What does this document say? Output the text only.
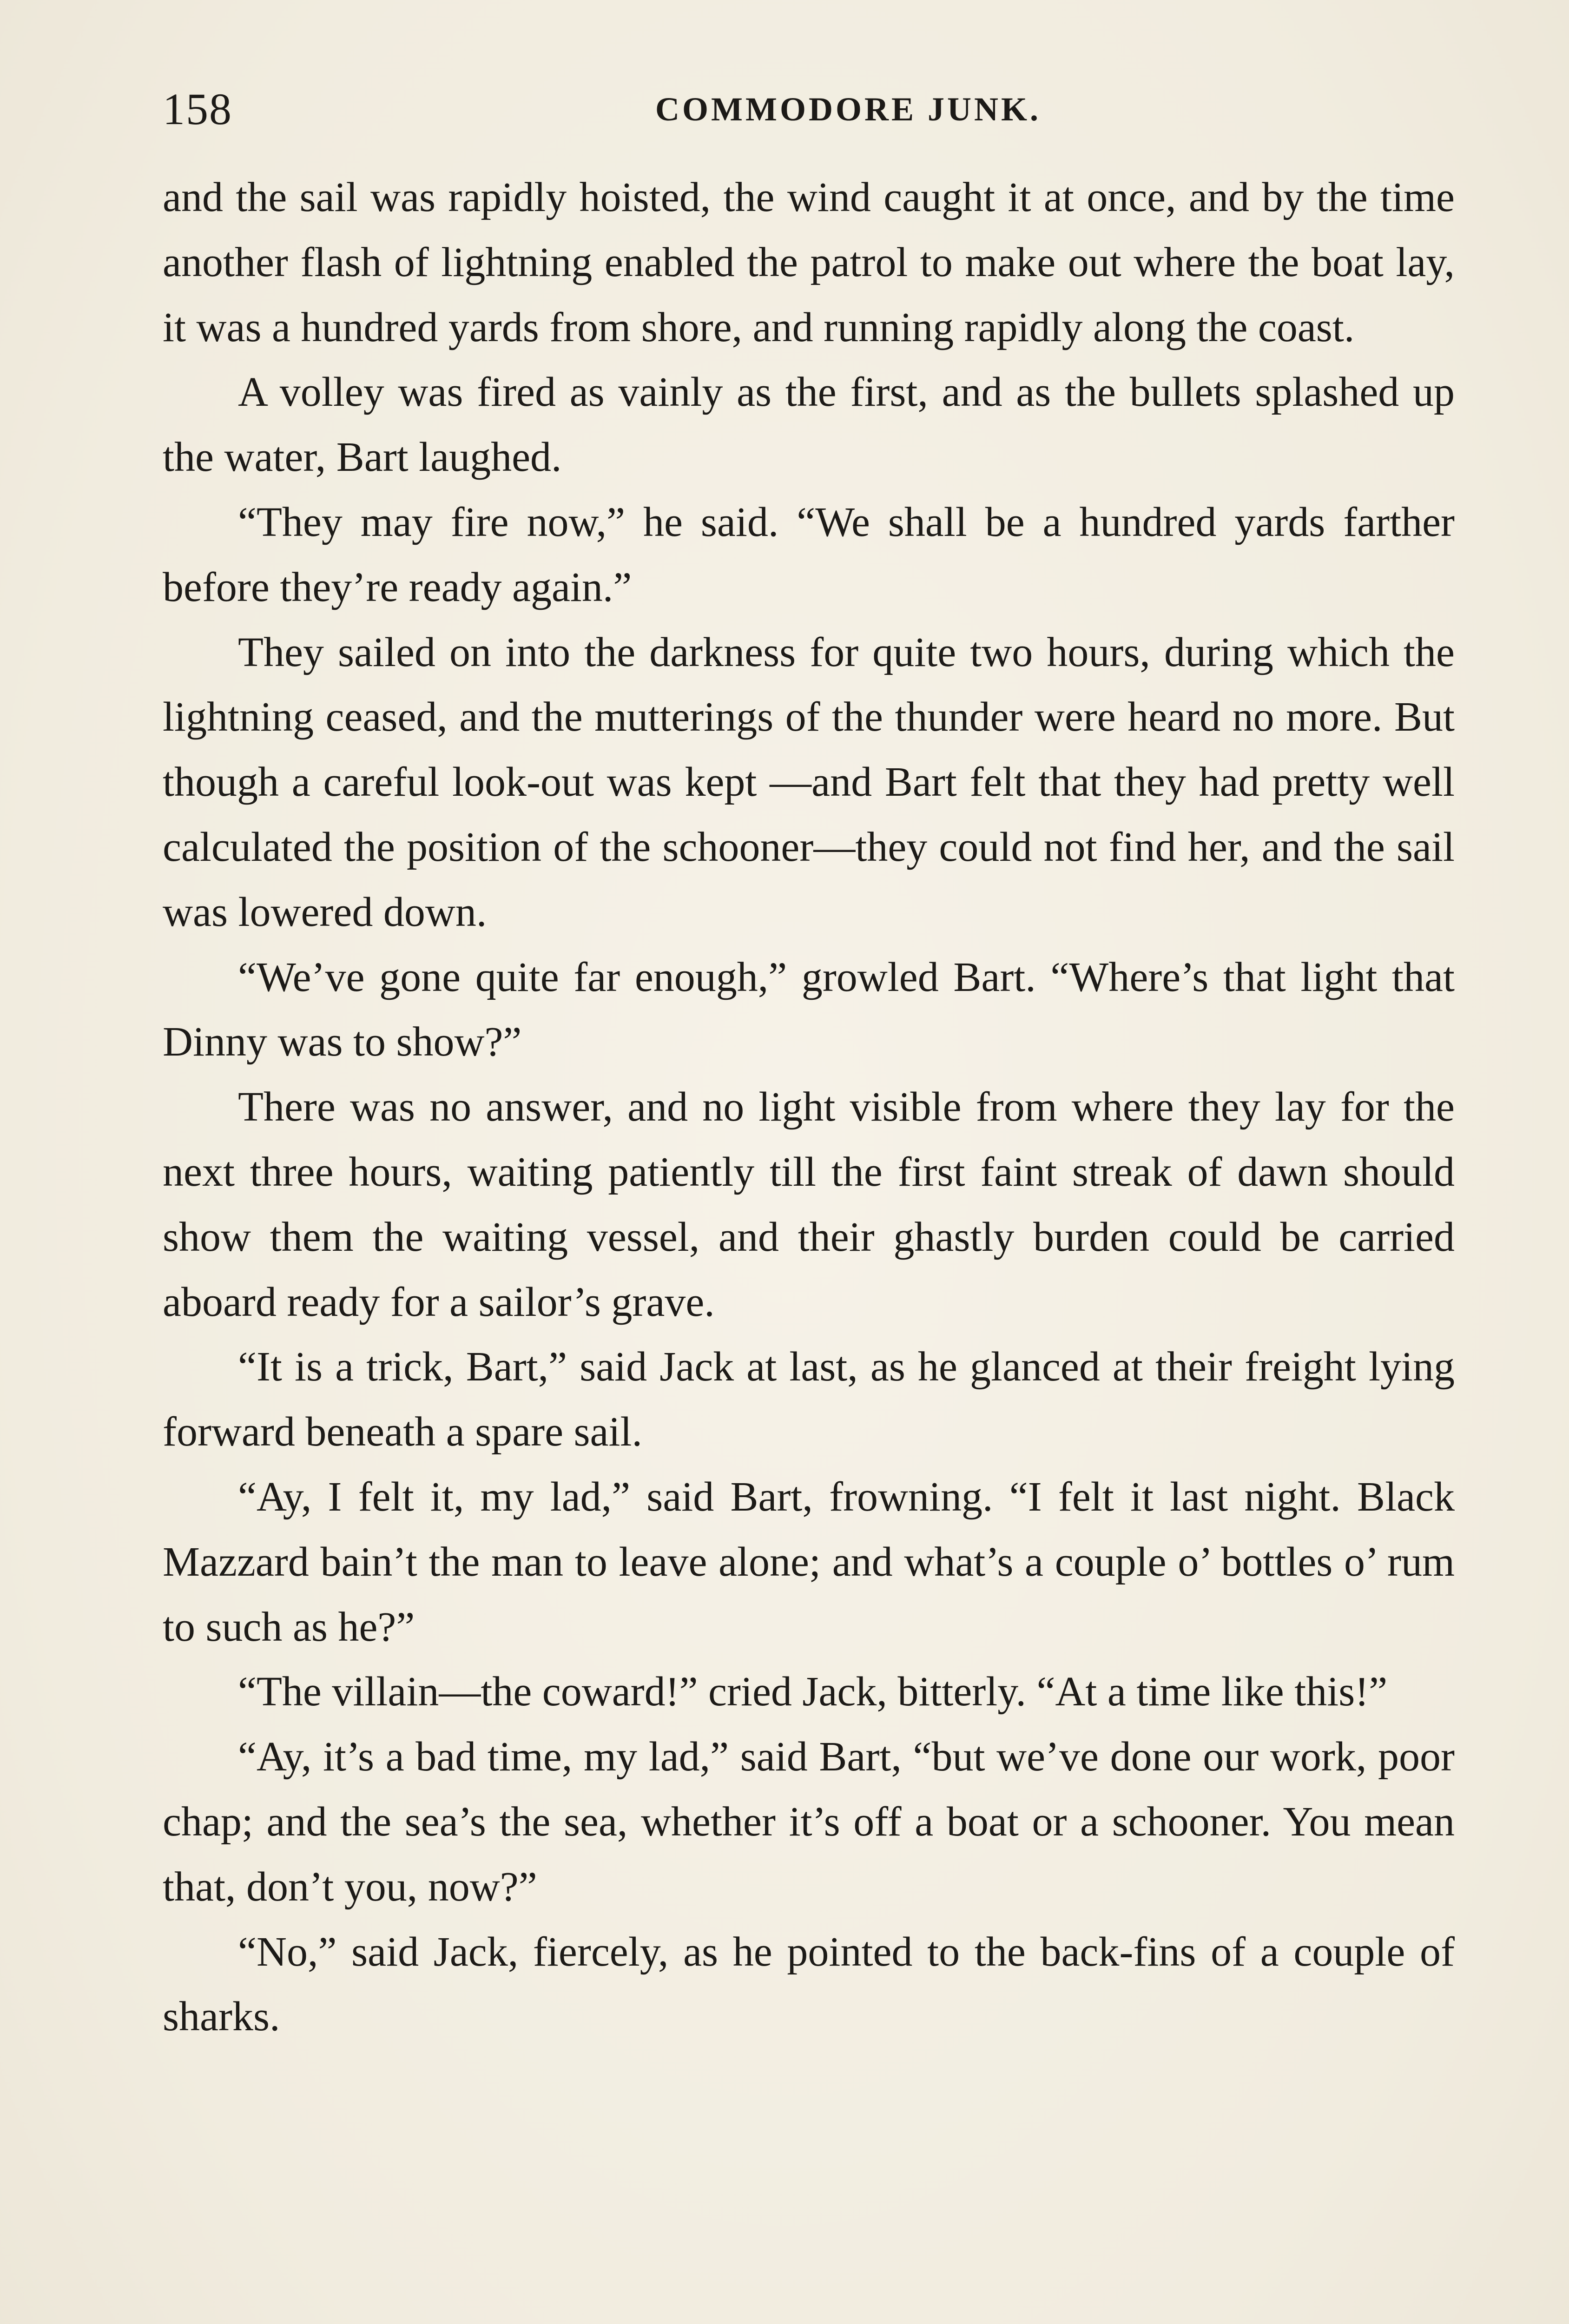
158	COMMODORE JUNK.

and the sail was rapidly hoisted, the wind caught it at once, and by the time another flash of lightning enabled the patrol to make out where the boat lay, it was a hundred yards from shore, and running rapidly along the coast.

A volley was fired as vainly as the first, and as the bullets splashed up the water, Bart laughed.

“They may fire now,” he said. “We shall be a hundred yards farther before they’re ready again.”

They sailed on into the darkness for quite two hours, during which the lightning ceased, and the mutterings of the thunder were heard no more. But though a careful look-out was kept —and Bart felt that they had pretty well calculated the position of the schooner—they could not find her, and the sail was lowered down.

“We’ve gone quite far enough,” growled Bart. “Where’s that light that Dinny was to show?”

There was no answer, and no light visible from where they lay for the next three hours, waiting patiently till the first faint streak of dawn should show them the waiting vessel, and their ghastly burden could be carried aboard ready for a sailor’s grave.

“It is a trick, Bart,” said Jack at last, as he glanced at their freight lying forward beneath a spare sail.

“Ay, I felt it, my lad,” said Bart, frowning. “I felt it last night. Black Mazzard bain’t the man to leave alone; and what’s a couple o’ bottles o’ rum to such as he?”

“The villain—the coward!” cried Jack, bitterly. “At a time like this!”

“Ay, it’s a bad time, my lad,” said Bart, “but we’ve done our work, poor chap; and the sea’s the sea, whether it’s off a boat or a schooner. You mean that, don’t you, now?”

“No,” said Jack, fiercely, as he pointed to the back-fins of a couple of sharks.
